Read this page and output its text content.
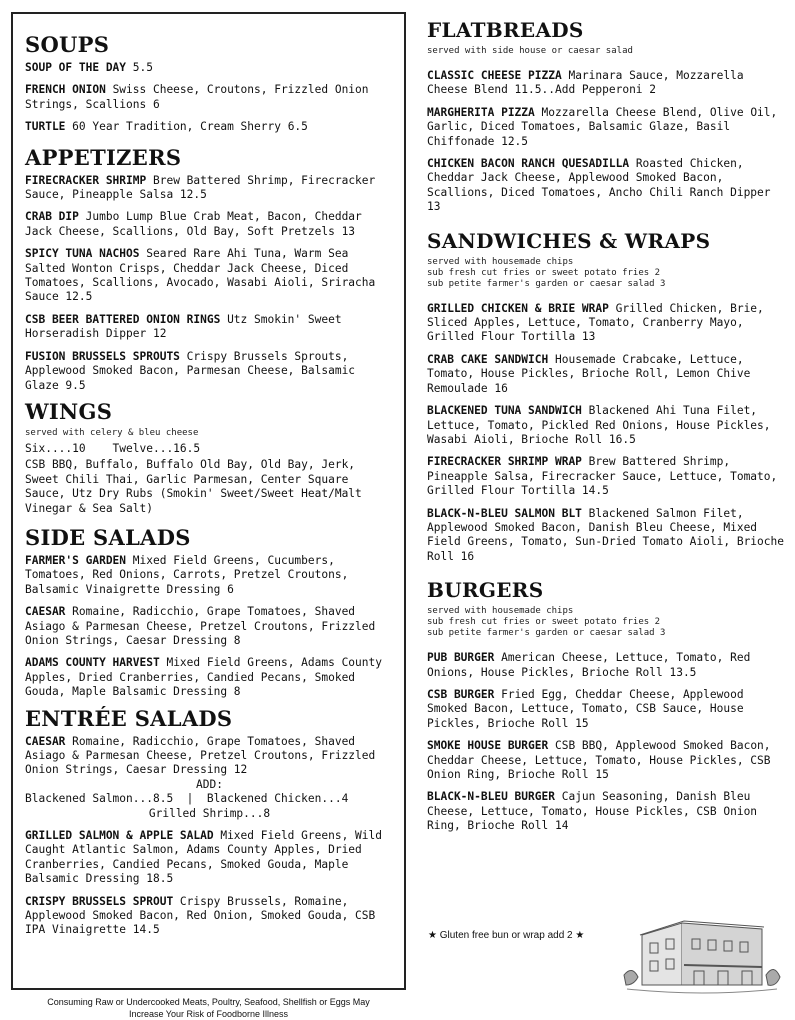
SOUPS
SOUP OF THE DAY 5.5
FRENCH ONION Swiss Cheese, Croutons, Frizzled Onion Strings, Scallions 6
TURTLE 60 Year Tradition, Cream Sherry 6.5
APPETIZERS
FIRECRACKER SHRIMP Brew Battered Shrimp, Firecracker Sauce, Pineapple Salsa 12.5
CRAB DIP Jumbo Lump Blue Crab Meat, Bacon, Cheddar Jack Cheese, Scallions, Old Bay, Soft Pretzels 13
SPICY TUNA NACHOS Seared Rare Ahi Tuna, Warm Sea Salted Wonton Crisps, Cheddar Jack Cheese, Diced Tomatoes, Scallions, Avocado, Wasabi Aioli, Sriracha Sauce 12.5
CSB BEER BATTERED ONION RINGS Utz Smokin' Sweet Horseradish Dipper 12
FUSION BRUSSELS SPROUTS Crispy Brussels Sprouts, Applewood Smoked Bacon, Parmesan Cheese, Balsamic Glaze 9.5
WINGS
served with celery & bleu cheese
Six....10    Twelve...16.5
CSB BBQ, Buffalo, Buffalo Old Bay, Old Bay, Jerk, Sweet Chili Thai, Garlic Parmesan, Center Square Sauce, Utz Dry Rubs (Smokin' Sweet/Sweet Heat/Malt Vinegar & Sea Salt)
SIDE SALADS
FARMER'S GARDEN Mixed Field Greens, Cucumbers, Tomatoes, Red Onions, Carrots, Pretzel Croutons, Balsamic Vinaigrette Dressing 6
CAESAR Romaine, Radicchio, Grape Tomatoes, Shaved Asiago & Parmesan Cheese, Pretzel Croutons, Frizzled Onion Strings, Caesar Dressing 8
ADAMS COUNTY HARVEST Mixed Field Greens, Adams County Apples, Dried Cranberries, Candied Pecans, Smoked Gouda, Maple Balsamic Dressing 8
ENTRÉE SALADS
CAESAR Romaine, Radicchio, Grape Tomatoes, Shaved Asiago & Parmesan Cheese, Pretzel Croutons, Frizzled Onion Strings, Caesar Dressing 12
ADD:
Blackened Salmon...8.5  |  Blackened Chicken...4
Grilled Shrimp...8
GRILLED SALMON & APPLE SALAD Mixed Field Greens, Wild Caught Atlantic Salmon, Adams County Apples, Dried Cranberries, Candied Pecans, Smoked Gouda, Maple Balsamic Dressing 18.5
CRISPY BRUSSELS SPROUT Crispy Brussels, Romaine, Applewood Smoked Bacon, Red Onion, Smoked Gouda, CSB IPA Vinaigrette 14.5
Consuming Raw or Undercooked Meats, Poultry, Seafood, Shellfish or Eggs May
Increase Your Risk of Foodborne Illness
FLATBREADS
served with side house or caesar salad
CLASSIC CHEESE PIZZA Marinara Sauce, Mozzarella Cheese Blend 11.5..Add Pepperoni 2
MARGHERITA PIZZA Mozzarella Cheese Blend, Olive Oil, Garlic, Diced Tomatoes, Balsamic Glaze, Basil Chiffonade 12.5
CHICKEN BACON RANCH QUESADILLA Roasted Chicken, Cheddar Jack Cheese, Applewood Smoked Bacon, Scallions, Diced Tomatoes, Ancho Chili Ranch Dipper 13
SANDWICHES & WRAPS
served with housemade chips
sub fresh cut fries or sweet potato fries 2
sub petite farmer's garden or caesar salad 3
GRILLED CHICKEN & BRIE WRAP Grilled Chicken, Brie, Sliced Apples, Lettuce, Tomato, Cranberry Mayo, Grilled Flour Tortilla 13
CRAB CAKE SANDWICH Housemade Crabcake, Lettuce, Tomato, House Pickles, Brioche Roll, Lemon Chive Remoulade 16
BLACKENED TUNA SANDWICH Blackened Ahi Tuna Filet, Lettuce, Tomato, Pickled Red Onions, House Pickles, Wasabi Aioli, Brioche Roll 16.5
FIRECRACKER SHRIMP WRAP Brew Battered Shrimp, Pineapple Salsa, Firecracker Sauce, Lettuce, Tomato, Grilled Flour Tortilla 14.5
BLACK-N-BLEU SALMON BLT Blackened Salmon Filet, Applewood Smoked Bacon, Danish Bleu Cheese, Mixed Field Greens, Tomato, Sun-Dried Tomato Aioli, Brioche Roll 16
BURGERS
served with housemade chips
sub fresh cut fries or sweet potato fries 2
sub petite farmer's garden or caesar salad 3
PUB BURGER American Cheese, Lettuce, Tomato, Red Onions, House Pickles, Brioche Roll 13.5
CSB BURGER Fried Egg, Cheddar Cheese, Applewood Smoked Bacon, Lettuce, Tomato, CSB Sauce, House Pickles, Brioche Roll 15
SMOKE HOUSE BURGER CSB BBQ, Applewood Smoked Bacon, Cheddar Cheese, Lettuce, Tomato, House Pickles, CSB Onion Ring, Brioche Roll 15
BLACK-N-BLEU BURGER Cajun Seasoning, Danish Bleu Cheese, Lettuce, Tomato, House Pickles, CSB Onion Ring, Brioche Roll 14
★ Gluten free bun or wrap add 2 ★
